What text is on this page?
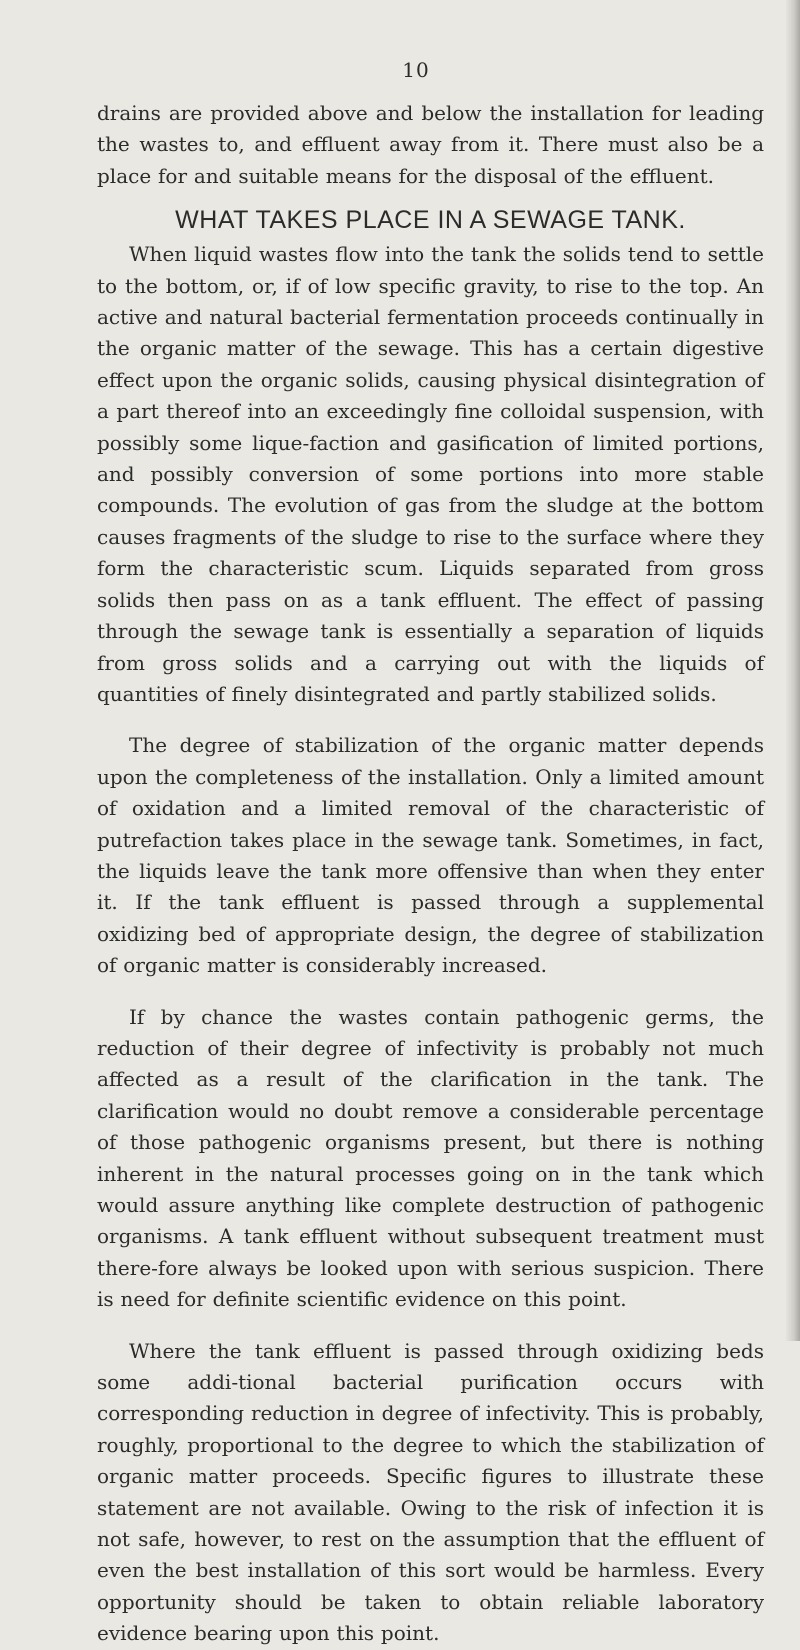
10

drains are provided above and below the installation for leading the wastes to, and effluent away from it. There must also be a place for and suitable means for the disposal of the effluent.

WHAT TAKES PLACE IN A SEWAGE TANK.

When liquid wastes flow into the tank the solids tend to settle to the bottom, or, if of low specific gravity, to rise to the top. An active and natural bacterial fermentation proceeds continually in the organic matter of the sewage. This has a certain digestive effect upon the organic solids, causing physical disintegration of a part thereof into an exceedingly fine colloidal suspension, with possibly some lique-faction and gasification of limited portions, and possibly conversion of some portions into more stable compounds. The evolution of gas from the sludge at the bottom causes fragments of the sludge to rise to the surface where they form the characteristic scum. Liquids separated from gross solids then pass on as a tank effluent. The effect of passing through the sewage tank is essentially a separation of liquids from gross solids and a carrying out with the liquids of quantities of finely disintegrated and partly stabilized solids.

The degree of stabilization of the organic matter depends upon the completeness of the installation. Only a limited amount of oxidation and a limited removal of the characteristic of putrefaction takes place in the sewage tank. Sometimes, in fact, the liquids leave the tank more offensive than when they enter it. If the tank effluent is passed through a supplemental oxidizing bed of appropriate design, the degree of stabilization of organic matter is considerably increased.

If by chance the wastes contain pathogenic germs, the reduction of their degree of infectivity is probably not much affected as a result of the clarification in the tank. The clarification would no doubt remove a considerable percentage of those pathogenic organisms present, but there is nothing inherent in the natural processes going on in the tank which would assure anything like complete destruction of pathogenic organisms. A tank effluent without subsequent treatment must there-fore always be looked upon with serious suspicion. There is need for definite scientific evidence on this point.

Where the tank effluent is passed through oxidizing beds some addi-tional bacterial purification occurs with corresponding reduction in degree of infectivity. This is probably, roughly, proportional to the degree to which the stabilization of organic matter proceeds. Specific figures to illustrate these statement are not available. Owing to the risk of infection it is not safe, however, to rest on the assumption that the effluent of even the best installation of this sort would be harmless. Every opportunity should be taken to obtain reliable laboratory evidence bearing upon this point.
